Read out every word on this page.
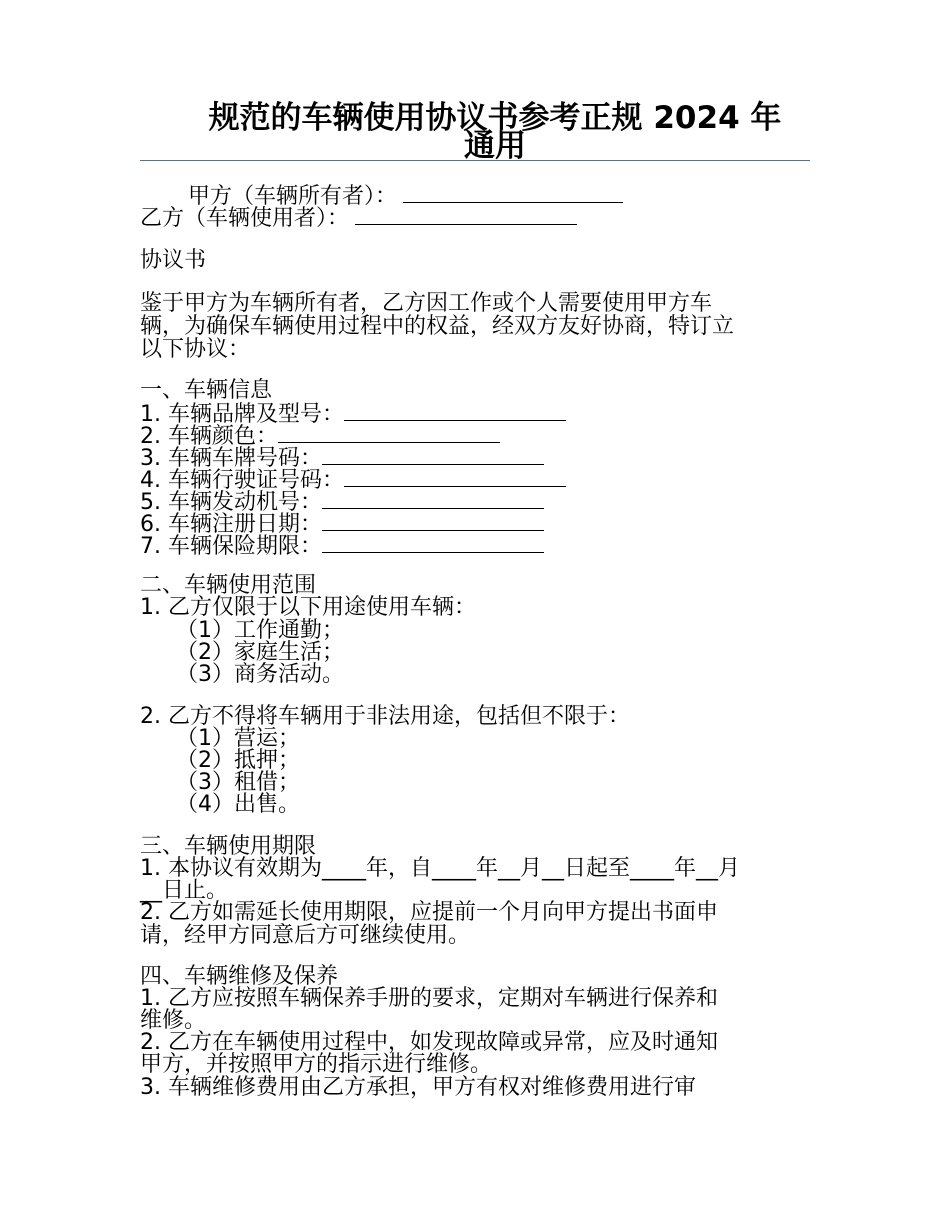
规范的车辆使用协议书参考正规 2024 年
通用
甲方（车辆所有者）：
乙方（车辆使用者）：
协议书
鉴于甲方为车辆所有者，乙方因工作或个人需要使用甲方车
辆，为确保车辆使用过程中的权益，经双方友好协商，特订立
以下协议：
一、车辆信息
1. 车辆品牌及型号：
2. 车辆颜色：
3. 车辆车牌号码：
4. 车辆行驶证号码：
5. 车辆发动机号：
6. 车辆注册日期：
7. 车辆保险期限：
二、车辆使用范围
1. 乙方仅限于以下用途使用车辆：
（1）工作通勤；
（2）家庭生活；
（3）商务活动。
2. 乙方不得将车辆用于非法用途，包括但不限于：
（1）营运；
（2）抵押；
（3）租借；
（4）出售。
三、车辆使用期限
1. 本协议有效期为____年，自____年__月__日起至____年__月
__日止。
2. 乙方如需延长使用期限，应提前一个月向甲方提出书面申
请，经甲方同意后方可继续使用。
四、车辆维修及保养
1. 乙方应按照车辆保养手册的要求，定期对车辆进行保养和
维修。
2. 乙方在车辆使用过程中，如发现故障或异常，应及时通知
甲方，并按照甲方的指示进行维修。
3. 车辆维修费用由乙方承担，甲方有权对维修费用进行审
